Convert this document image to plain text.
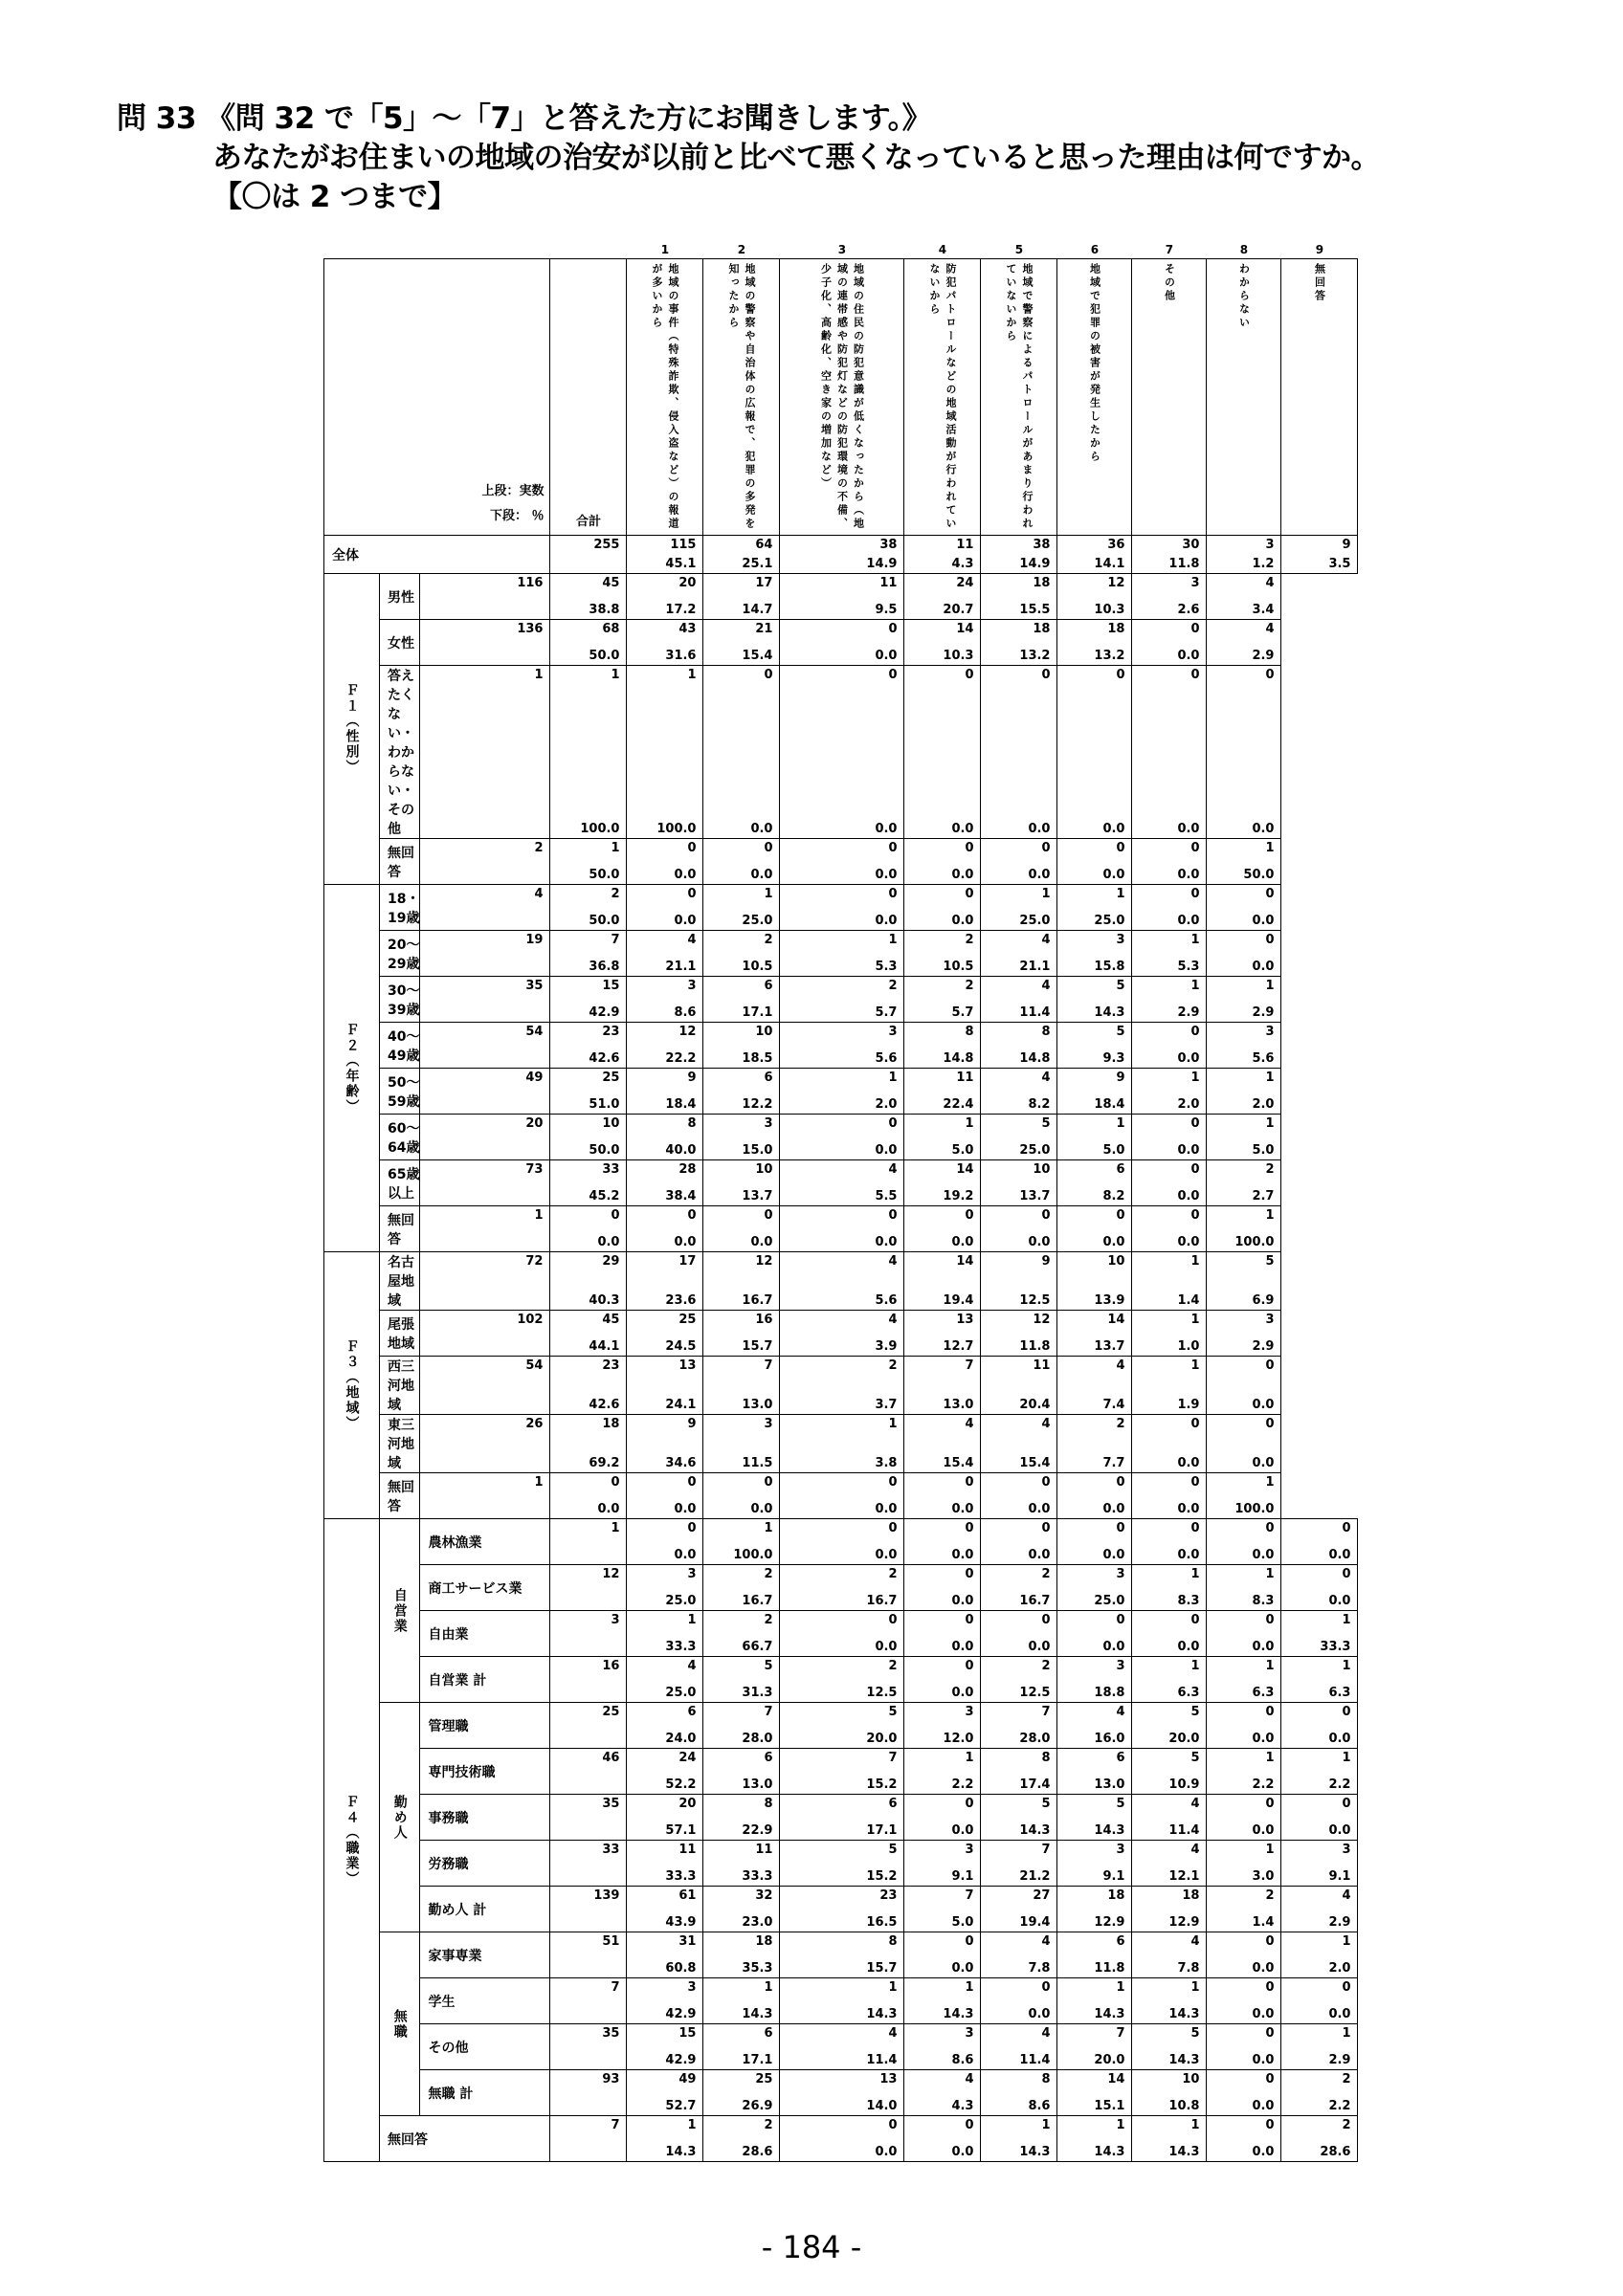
問 33 《問 32 で「5」～「7」と答えた方にお聞きします。》
あなたがお住まいの地域の治安が以前と比べて悪くなっていると思った理由は何ですか。
【〇は 2 つまで】
				1	2	3	4	5	6	7	8	9

上段：実数
下段： ％			合計	地域の事件（特殊詐欺、侵入盗など）の報道が多いから	地域の警察や自治体の広報で、犯罪の多発を知ったから	地域の住民の防犯意識が低くなったから（地域の連帯感や防犯灯などの防犯環境の不備、少子化、高齢化、空き家の増加など）	防犯パトロールなどの地域活動が行われていないから	地域で警察によるパトロールがあまり行われていないから	地域で犯罪の被害が発生したから	その他	わからない	無回答

全体			255	115	64	38	11	38	36	30	3	9
				45.1	25.1	14.9	4.3	14.9	14.1	11.8	1.2	3.5

Ｆ１（性別）	男性	116	45	20	17	11	24	18	12	3	4	
			38.8	17.2	14.7	9.5	20.7	15.5	10.3	2.6	3.4	
	女性	136	68	43	21	0	14	18	18	0	4	
			50.0	31.6	15.4	0.0	10.3	13.2	13.2	0.0	2.9	
	答えたくない・わからない・その他	1	1	1	0	0	0	0	0	0	0	
			100.0	100.0	0.0	0.0	0.0	0.0	0.0	0.0	0.0	
	無回答	2	1	0	0	0	0	0	0	0	1	
			50.0	0.0	0.0	0.0	0.0	0.0	0.0	0.0	50.0	

Ｆ２（年齢）	18・19歳	4	2	0	1	0	0	1	1	0	0	
			50.0	0.0	25.0	0.0	0.0	25.0	25.0	0.0	0.0	
	20～29歳	19	7	4	2	1	2	4	3	1	0	
			36.8	21.1	10.5	5.3	10.5	21.1	15.8	5.3	0.0	
	30～39歳	35	15	3	6	2	2	4	5	1	1	
			42.9	8.6	17.1	5.7	5.7	11.4	14.3	2.9	2.9	
	40～49歳	54	23	12	10	3	8	8	5	0	3	
			42.6	22.2	18.5	5.6	14.8	14.8	9.3	0.0	5.6	
	50～59歳	49	25	9	6	1	11	4	9	1	1	
			51.0	18.4	12.2	2.0	22.4	8.2	18.4	2.0	2.0	
	60～64歳	20	10	8	3	0	1	5	1	0	1	
			50.0	40.0	15.0	0.0	5.0	25.0	5.0	0.0	5.0	
	65歳以上	73	33	28	10	4	14	10	6	0	2	
			45.2	38.4	13.7	5.5	19.2	13.7	8.2	0.0	2.7	
	無回答	1	0	0	0	0	0	0	0	0	1	
			0.0	0.0	0.0	0.0	0.0	0.0	0.0	0.0	100.0	

Ｆ３（地域）	名古屋地域	72	29	17	12	4	14	9	10	1	5	
			40.3	23.6	16.7	5.6	19.4	12.5	13.9	1.4	6.9	
	尾張地域	102	45	25	16	4	13	12	14	1	3	
			44.1	24.5	15.7	3.9	12.7	11.8	13.7	1.0	2.9	
	西三河地域	54	23	13	7	2	7	11	4	1	0	
			42.6	24.1	13.0	3.7	13.0	20.4	7.4	1.9	0.0	
	東三河地域	26	18	9	3	1	4	4	2	0	0	
			69.2	34.6	11.5	3.8	15.4	15.4	7.7	0.0	0.0	
	無回答	1	0	0	0	0	0	0	0	0	1	
			0.0	0.0	0.0	0.0	0.0	0.0	0.0	0.0	100.0	

Ｆ４（職業）	自営業	農林漁業	1	0	1	0	0	0	0	0	0	0
				0.0	100.0	0.0	0.0	0.0	0.0	0.0	0.0	0.0
		商工サービス業	12	3	2	2	0	2	3	1	1	0
				25.0	16.7	16.7	0.0	16.7	25.0	8.3	8.3	0.0
		自由業	3	1	2	0	0	0	0	0	0	1
				33.3	66.7	0.0	0.0	0.0	0.0	0.0	0.0	33.3
		自営業 計	16	4	5	2	0	2	3	1	1	1
				25.0	31.3	12.5	0.0	12.5	18.8	6.3	6.3	6.3

	勤め人	管理職	25	6	7	5	3	7	4	5	0	0
				24.0	28.0	20.0	12.0	28.0	16.0	20.0	0.0	0.0
		専門技術職	46	24	6	7	1	8	6	5	1	1
				52.2	13.0	15.2	2.2	17.4	13.0	10.9	2.2	2.2
		事務職	35	20	8	6	0	5	5	4	0	0
				57.1	22.9	17.1	0.0	14.3	14.3	11.4	0.0	0.0
		労務職	33	11	11	5	3	7	3	4	1	3
				33.3	33.3	15.2	9.1	21.2	9.1	12.1	3.0	9.1
		勤め人 計	139	61	32	23	7	27	18	18	2	4
				43.9	23.0	16.5	5.0	19.4	12.9	12.9	1.4	2.9

	無職	家事専業	51	31	18	8	0	4	6	4	0	1
				60.8	35.3	15.7	0.0	7.8	11.8	7.8	0.0	2.0
		学生	7	3	1	1	1	0	1	1	0	0
				42.9	14.3	14.3	14.3	0.0	14.3	14.3	0.0	0.0
		その他	35	15	6	4	3	4	7	5	0	1
				42.9	17.1	11.4	8.6	11.4	20.0	14.3	0.0	2.9
		無職 計	93	49	25	13	4	8	14	10	0	2
				52.7	26.9	14.0	4.3	8.6	15.1	10.8	0.0	2.2
	無回答		7	1	2	0	0	1	1	1	0	2
				14.3	28.6	0.0	0.0	14.3	14.3	14.3	0.0	28.6
- 184 -
